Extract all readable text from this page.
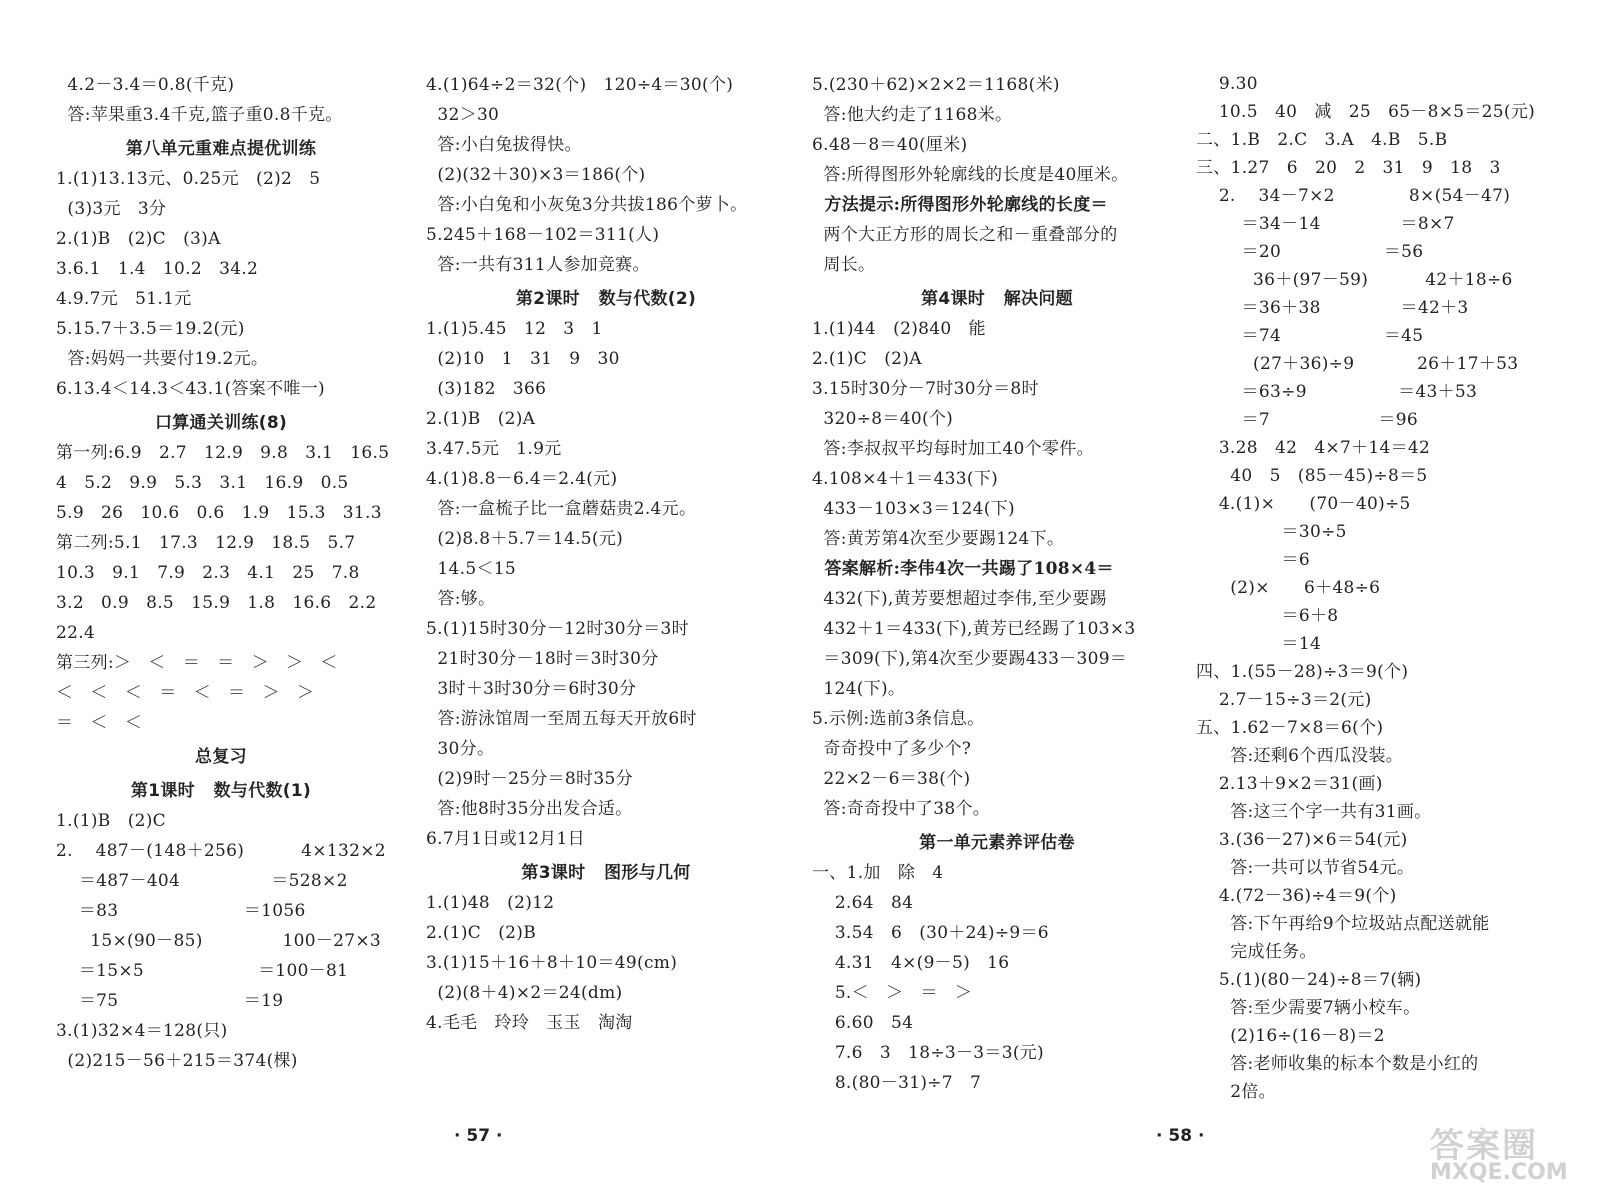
4.2－3.4＝0.8(千克)
答:苹果重3.4千克,篮子重0.8千克。
第八单元重难点提优训练
1.(1)13.13元、0.25元   (2)2   5
(3)3元   3分
2.(1)B   (2)C   (3)A
3.6.1   1.4   10.2   34.2
4.9.7元   51.1元
5.15.7＋3.5＝19.2(元)
答:妈妈一共要付19.2元。
6.13.4＜14.3＜43.1(答案不唯一)
口算通关训练(8)
第一列:6.9   2.7   12.9   9.8   3.1   16.5
4   5.2   9.9   5.3   3.1   16.9   0.5
5.9   26   10.6   0.6   1.9   15.3   31.3
第二列:5.1   17.3   12.9   18.5   5.7
10.3   9.1   7.9   2.3   4.1   25   7.8
3.2   0.9   8.5   15.9   1.8   16.6   2.2
22.4
第三列:＞   ＜   ＝   ＝   ＞   ＞   ＜
＜   ＜   ＜   ＝   ＜   ＝   ＞   ＞
＝   ＜   ＜
总复习
第1课时   数与代数(1)
1.(1)B   (2)C
2.    487－(148＋256)          4×132×2
＝487－404                ＝528×2
＝83                      ＝1056
15×(90－85)              100－27×3
＝15×5                    ＝100－81
＝75                      ＝19
3.(1)32×4＝128(只)
(2)215－56＋215＝374(棵)
4.(1)64÷2＝32(个)   120÷4＝30(个)
32＞30
答:小白兔拔得快。
(2)(32＋30)×3＝186(个)
答:小白兔和小灰兔3分共拔186个萝卜。
5.245＋168－102＝311(人)
答:一共有311人参加竞赛。
第2课时   数与代数(2)
1.(1)5.45   12   3   1
(2)10   1   31   9   30
(3)182   366
2.(1)B   (2)A
3.47.5元   1.9元
4.(1)8.8－6.4＝2.4(元)
答:一盒梳子比一盒蘑菇贵2.4元。
(2)8.8＋5.7＝14.5(元)
14.5＜15
答:够。
5.(1)15时30分－12时30分＝3时
21时30分－18时＝3时30分
3时＋3时30分＝6时30分
答:游泳馆周一至周五每天开放6时
30分。
(2)9时－25分＝8时35分
答:他8时35分出发合适。
6.7月1日或12月1日
第3课时   图形与几何
1.(1)48   (2)12
2.(1)C   (2)B
3.(1)15＋16＋8＋10＝49(cm)
(2)(8＋4)×2＝24(dm)
4.毛毛   玲玲   玉玉   淘淘
5.(230＋62)×2×2＝1168(米)
答:他大约走了1168米。
6.48－8＝40(厘米)
答:所得图形外轮廓线的长度是40厘米。
方法提示:所得图形外轮廓线的长度＝
两个大正方形的周长之和－重叠部分的
周长。
第4课时   解决问题
1.(1)44   (2)840   能
2.(1)C   (2)A
3.15时30分－7时30分＝8时
320÷8＝40(个)
答:李叔叔平均每时加工40个零件。
4.108×4＋1＝433(下)
433－103×3＝124(下)
答:黄芳第4次至少要踢124下。
答案解析:李伟4次一共踢了108×4＝
432(下),黄芳要想超过李伟,至少要踢
432＋1＝433(下),黄芳已经踢了103×3
＝309(下),第4次至少要踢433－309＝
124(下)。
5.示例:选前3条信息。
奇奇投中了多少个?
22×2－6＝38(个)
答:奇奇投中了38个。
第一单元素养评估卷
一、1.加   除   4
2.64   84
3.54   6   (30＋24)÷9＝6
4.31   4×(9－5)   16
5.＜   ＞   ＝   ＞
6.60   54
7.6   3   18÷3－3＝3(元)
8.(80－31)÷7   7
9.30
10.5   40   减   25   65－8×5＝25(元)
二、1.B   2.C   3.A   4.B   5.B
三、1.27   6   20   2   31   9   18   3
2.    34－7×2             8×(54－47)
＝34－14              ＝8×7
＝20                  ＝56
36＋(97－59)          42＋18÷6
＝36＋38              ＝42＋3
＝74                  ＝45
(27＋36)÷9           26＋17＋53
＝63÷9                ＝43＋53
＝7                   ＝96
3.28   42   4×7＋14＝42
40   5   (85－45)÷8＝5
4.(1)×      (70－40)÷5
＝30÷5
＝6
(2)×      6＋48÷6
＝6＋8
＝14
四、1.(55－28)÷3＝9(个)
2.7－15÷3＝2(元)
五、1.62－7×8＝6(个)
答:还剩6个西瓜没装。
2.13＋9×2＝31(画)
答:这三个字一共有31画。
3.(36－27)×6＝54(元)
答:一共可以节省54元。
4.(72－36)÷4＝9(个)
答:下午再给9个垃圾站点配送就能
完成任务。
5.(1)(80－24)÷8＝7(辆)
答:至少需要7辆小校车。
(2)16÷(16－8)＝2
答:老师收集的标本个数是小红的
2倍。
· 57 ·	· 58 ·	答案圈
MXQE.COM
